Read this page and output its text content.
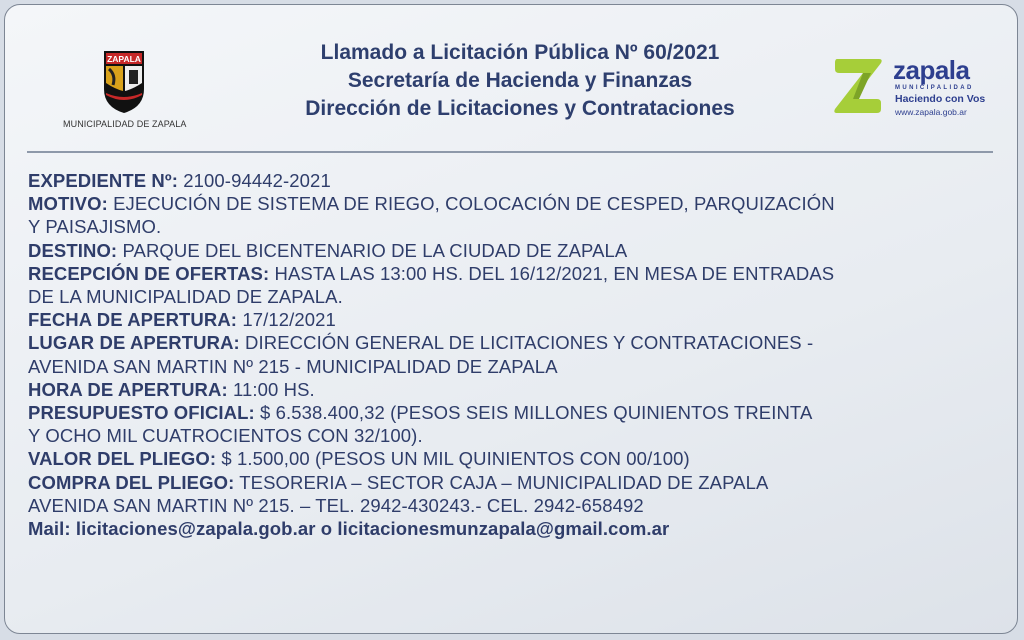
ZAPALA
MUNICIPALIDAD DE ZAPALA
Llamado a Licitación Pública Nº 60/2021
Secretaría de Hacienda y Finanzas
Dirección de Licitaciones y Contrataciones
zapala
MUNICIPALIDAD
Haciendo con Vos
www.zapala.gob.ar
EXPEDIENTE Nº: 2100-94442-2021
MOTIVO: EJECUCIÓN DE SISTEMA DE RIEGO, COLOCACIÓN DE CESPED, PARQUIZACIÓN
Y PAISAJISMO.
DESTINO: PARQUE DEL BICENTENARIO DE LA CIUDAD DE ZAPALA
RECEPCIÓN DE OFERTAS: HASTA LAS 13:00 HS. DEL 16/12/2021, EN MESA DE ENTRADAS
DE LA MUNICIPALIDAD DE ZAPALA.
FECHA DE APERTURA: 17/12/2021
LUGAR DE APERTURA: DIRECCIÓN GENERAL DE LICITACIONES Y CONTRATACIONES -
AVENIDA SAN MARTIN Nº 215 - MUNICIPALIDAD DE ZAPALA
HORA DE APERTURA: 11:00 HS.
PRESUPUESTO OFICIAL: $ 6.538.400,32 (PESOS SEIS MILLONES QUINIENTOS TREINTA
Y OCHO MIL CUATROCIENTOS CON 32/100).
VALOR DEL PLIEGO: $ 1.500,00 (PESOS UN MIL QUINIENTOS CON 00/100)
COMPRA DEL PLIEGO: TESORERIA – SECTOR CAJA – MUNICIPALIDAD DE ZAPALA
AVENIDA SAN MARTIN Nº 215. – TEL. 2942-430243.- CEL. 2942-658492
Mail: licitaciones@zapala.gob.ar o licitacionesmunzapala@gmail.com.ar
